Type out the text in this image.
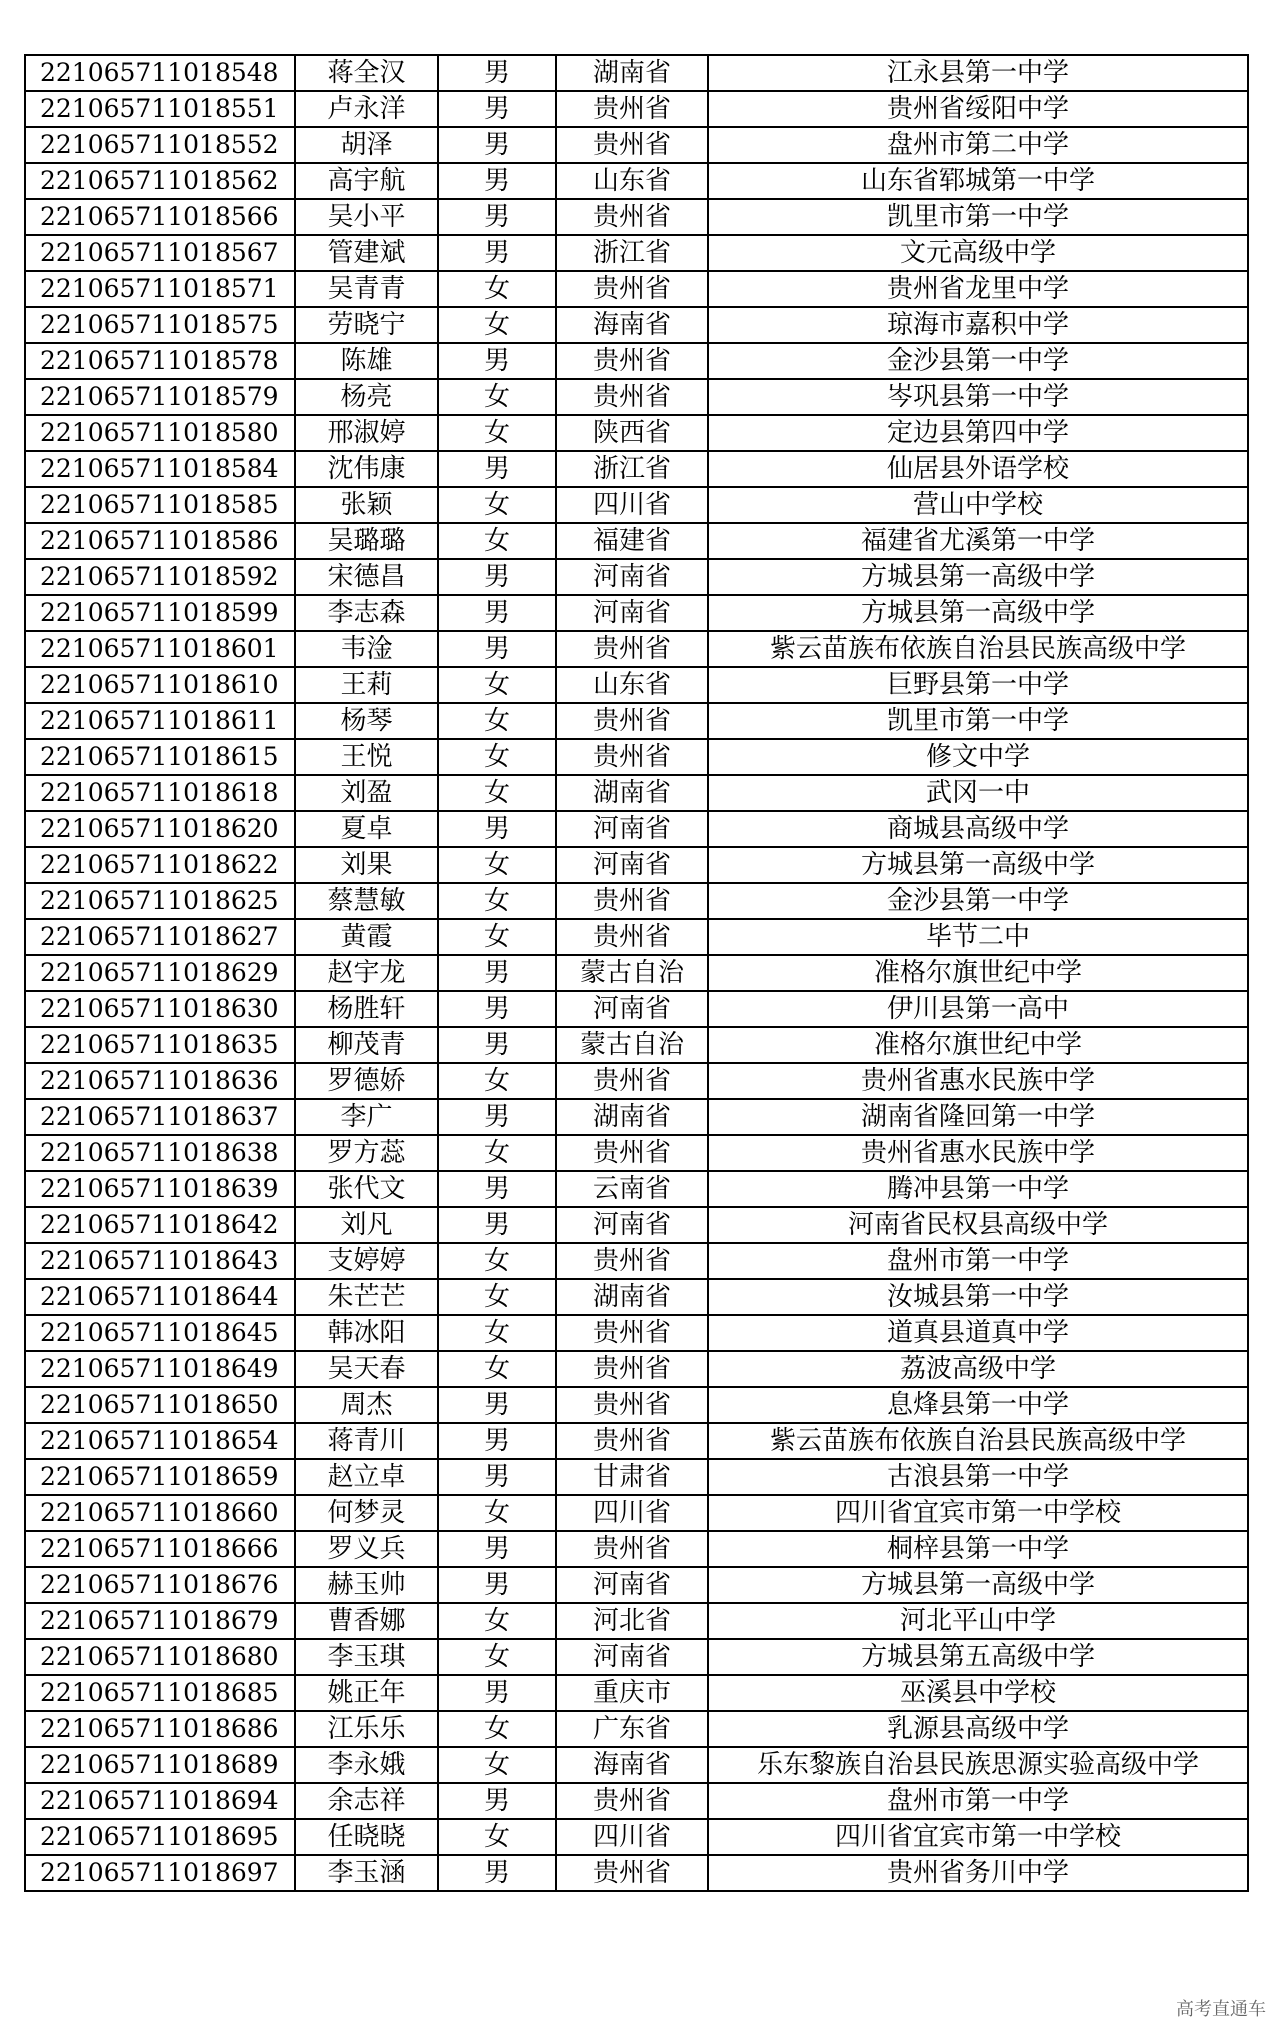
221065711018548	蒋全汉	男	湖南省	江永县第一中学
221065711018551	卢永洋	男	贵州省	贵州省绥阳中学
221065711018552	胡泽	男	贵州省	盘州市第二中学
221065711018562	高宇航	男	山东省	山东省郓城第一中学
221065711018566	吴小平	男	贵州省	凯里市第一中学
221065711018567	管建斌	男	浙江省	文元高级中学
221065711018571	吴青青	女	贵州省	贵州省龙里中学
221065711018575	劳晓宁	女	海南省	琼海市嘉积中学
221065711018578	陈雄	男	贵州省	金沙县第一中学
221065711018579	杨亮	女	贵州省	岑巩县第一中学
221065711018580	邢淑婷	女	陕西省	定边县第四中学
221065711018584	沈伟康	男	浙江省	仙居县外语学校
221065711018585	张颖	女	四川省	营山中学校
221065711018586	吴璐璐	女	福建省	福建省尤溪第一中学
221065711018592	宋德昌	男	河南省	方城县第一高级中学
221065711018599	李志森	男	河南省	方城县第一高级中学
221065711018601	韦淦	男	贵州省	紫云苗族布依族自治县民族高级中学
221065711018610	王莉	女	山东省	巨野县第一中学
221065711018611	杨琴	女	贵州省	凯里市第一中学
221065711018615	王悦	女	贵州省	修文中学
221065711018618	刘盈	女	湖南省	武冈一中
221065711018620	夏卓	男	河南省	商城县高级中学
221065711018622	刘果	女	河南省	方城县第一高级中学
221065711018625	蔡慧敏	女	贵州省	金沙县第一中学
221065711018627	黄霞	女	贵州省	毕节二中
221065711018629	赵宇龙	男	蒙古自治	准格尔旗世纪中学
221065711018630	杨胜轩	男	河南省	伊川县第一高中
221065711018635	柳茂青	男	蒙古自治	准格尔旗世纪中学
221065711018636	罗德娇	女	贵州省	贵州省惠水民族中学
221065711018637	李广	男	湖南省	湖南省隆回第一中学
221065711018638	罗方蕊	女	贵州省	贵州省惠水民族中学
221065711018639	张代文	男	云南省	腾冲县第一中学
221065711018642	刘凡	男	河南省	河南省民权县高级中学
221065711018643	支婷婷	女	贵州省	盘州市第一中学
221065711018644	朱芒芒	女	湖南省	汝城县第一中学
221065711018645	韩冰阳	女	贵州省	道真县道真中学
221065711018649	吴天春	女	贵州省	荔波高级中学
221065711018650	周杰	男	贵州省	息烽县第一中学
221065711018654	蒋青川	男	贵州省	紫云苗族布依族自治县民族高级中学
221065711018659	赵立卓	男	甘肃省	古浪县第一中学
221065711018660	何梦灵	女	四川省	四川省宜宾市第一中学校
221065711018666	罗义兵	男	贵州省	桐梓县第一中学
221065711018676	赫玉帅	男	河南省	方城县第一高级中学
221065711018679	曹香娜	女	河北省	河北平山中学
221065711018680	李玉琪	女	河南省	方城县第五高级中学
221065711018685	姚正年	男	重庆市	巫溪县中学校
221065711018686	江乐乐	女	广东省	乳源县高级中学
221065711018689	李永娥	女	海南省	乐东黎族自治县民族思源实验高级中学
221065711018694	余志祥	男	贵州省	盘州市第一中学
221065711018695	任晓晓	女	四川省	四川省宜宾市第一中学校
221065711018697	李玉涵	男	贵州省	贵州省务川中学
高考直通车
